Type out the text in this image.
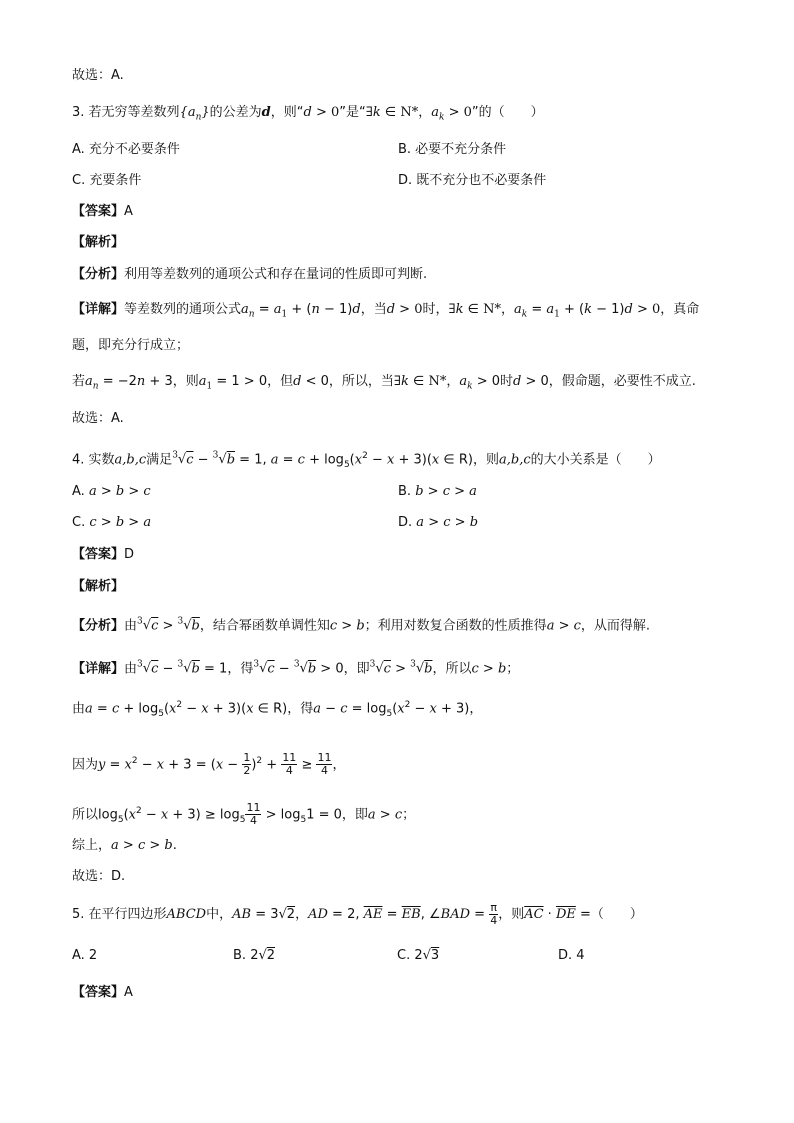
故选：A.
3. 若无穷等差数列$\{a_n\}$的公差为d，则“d > 0”是“∃k ∈ N*，$a_k > 0$”的（　　）
A. 充分不必要条件	B. 必要不充分条件
C. 充要条件	D. 既不充分也不必要条件
【答案】A
【解析】
【分析】利用等差数列的通项公式和存在量词的性质即可判断.
【详解】等差数列的通项公式$a_n = a_1 + (n - 1)d$，当d > 0时，∃k ∈ N*，$a_k = a_1 + (k - 1)d > 0$，真命
题，即充分行成立；
若$a_n = -2n + 3$，则$a_1 = 1 > 0$，但d < 0，所以，当∃k ∈ N*，$a_k > 0$时d > 0，假命题，必要性不成立.
故选：A.
4. 实数a,b,c满足$^3$√c − $^3$√b = 1, $a = c + \log_5(x^2 - x + 3)(x$ ∈ R)，则a,b,c的大小关系是（　　）
A. a > b > c	B. b > c > a
C. c > b > a	D. a > c > b
【答案】D
【解析】
【分析】由$^3$√c > $^3$√b，结合幂函数单调性知c > b；利用对数复合函数的性质推得a > c，从而得解.
【详解】由$^3$√c − $^3$√b = 1，得$^3$√c − $^3$√b > 0，即$^3$√c > $^3$√b，所以c > b；
由$a = c + \log_5(x^2 - x + 3)(x$ ∈ R)，得$a - c = \log_5(x^2 - x + 3)$，
因为$y = x^2 - x + 3 = (x - \frac{1}{2} )^2 + \frac{11}{4} \ge \frac{11}{4}$ ，
所以$\log_5(x^2 - x + 3) \ge \log_5 \frac{11}{4} > \log_51 = 0$，即a > c；
综上，a > c > b.
故选：D.
5. 在平行四边形ABCD中，AB = 3√2，AD = 2, $\overline{AE} = \overline{EB}$, ∠BAD = $\frac{\pi}{4}$ ，则$\overline{AC} \cdot \overline{DE}$ =（　　）
A. 2	B. 2√2	C. 2√3	D. 4
【答案】A
